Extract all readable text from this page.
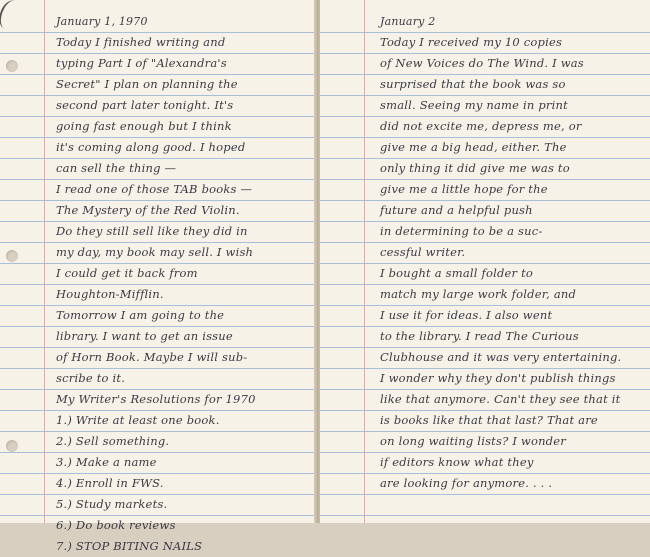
January 1, 1970
Today I finished writing and
typing Part I of "Alexandra's
Secret" I plan on planning the
second part later tonight. It's
going fast enough but I think
it's coming along good. I hoped
can sell the thing —
I read one of those TAB books —
The Mystery of the Red Violin.
Do they still sell like they did in
my day, my book may sell. I wish
I could get it back from
Houghton-Mifflin.
Tomorrow I am going to the
library. I want to get an issue
of Horn Book. Maybe I will sub-
scribe to it.
My Writer's Resolutions for 1970
1.) Write at least one book.
2.) Sell something.
3.) Make a name
4.) Enroll in FWS.
5.) Study markets.
6.) Do book reviews
7.) STOP BITING NAILS
January 2
Today I received my 10 copies
of New Voices do The Wind. I was
surprised that the book was so
small. Seeing my name in print
did not excite me, depress me, or
give me a big head, either. The
only thing it did give me was to
give me a little hope for the
future and a helpful push
in determining to be a suc-
cessful writer.
I bought a small folder to
match my large work folder, and
I use it for ideas. I also went
to the library. I read The Curious
Clubhouse and it was very entertaining.
I wonder why they don't publish things
like that anymore. Can't they see that it
is books like that that last? That are
on long waiting lists? I wonder
if editors know what they
are looking for anymore. . . .
